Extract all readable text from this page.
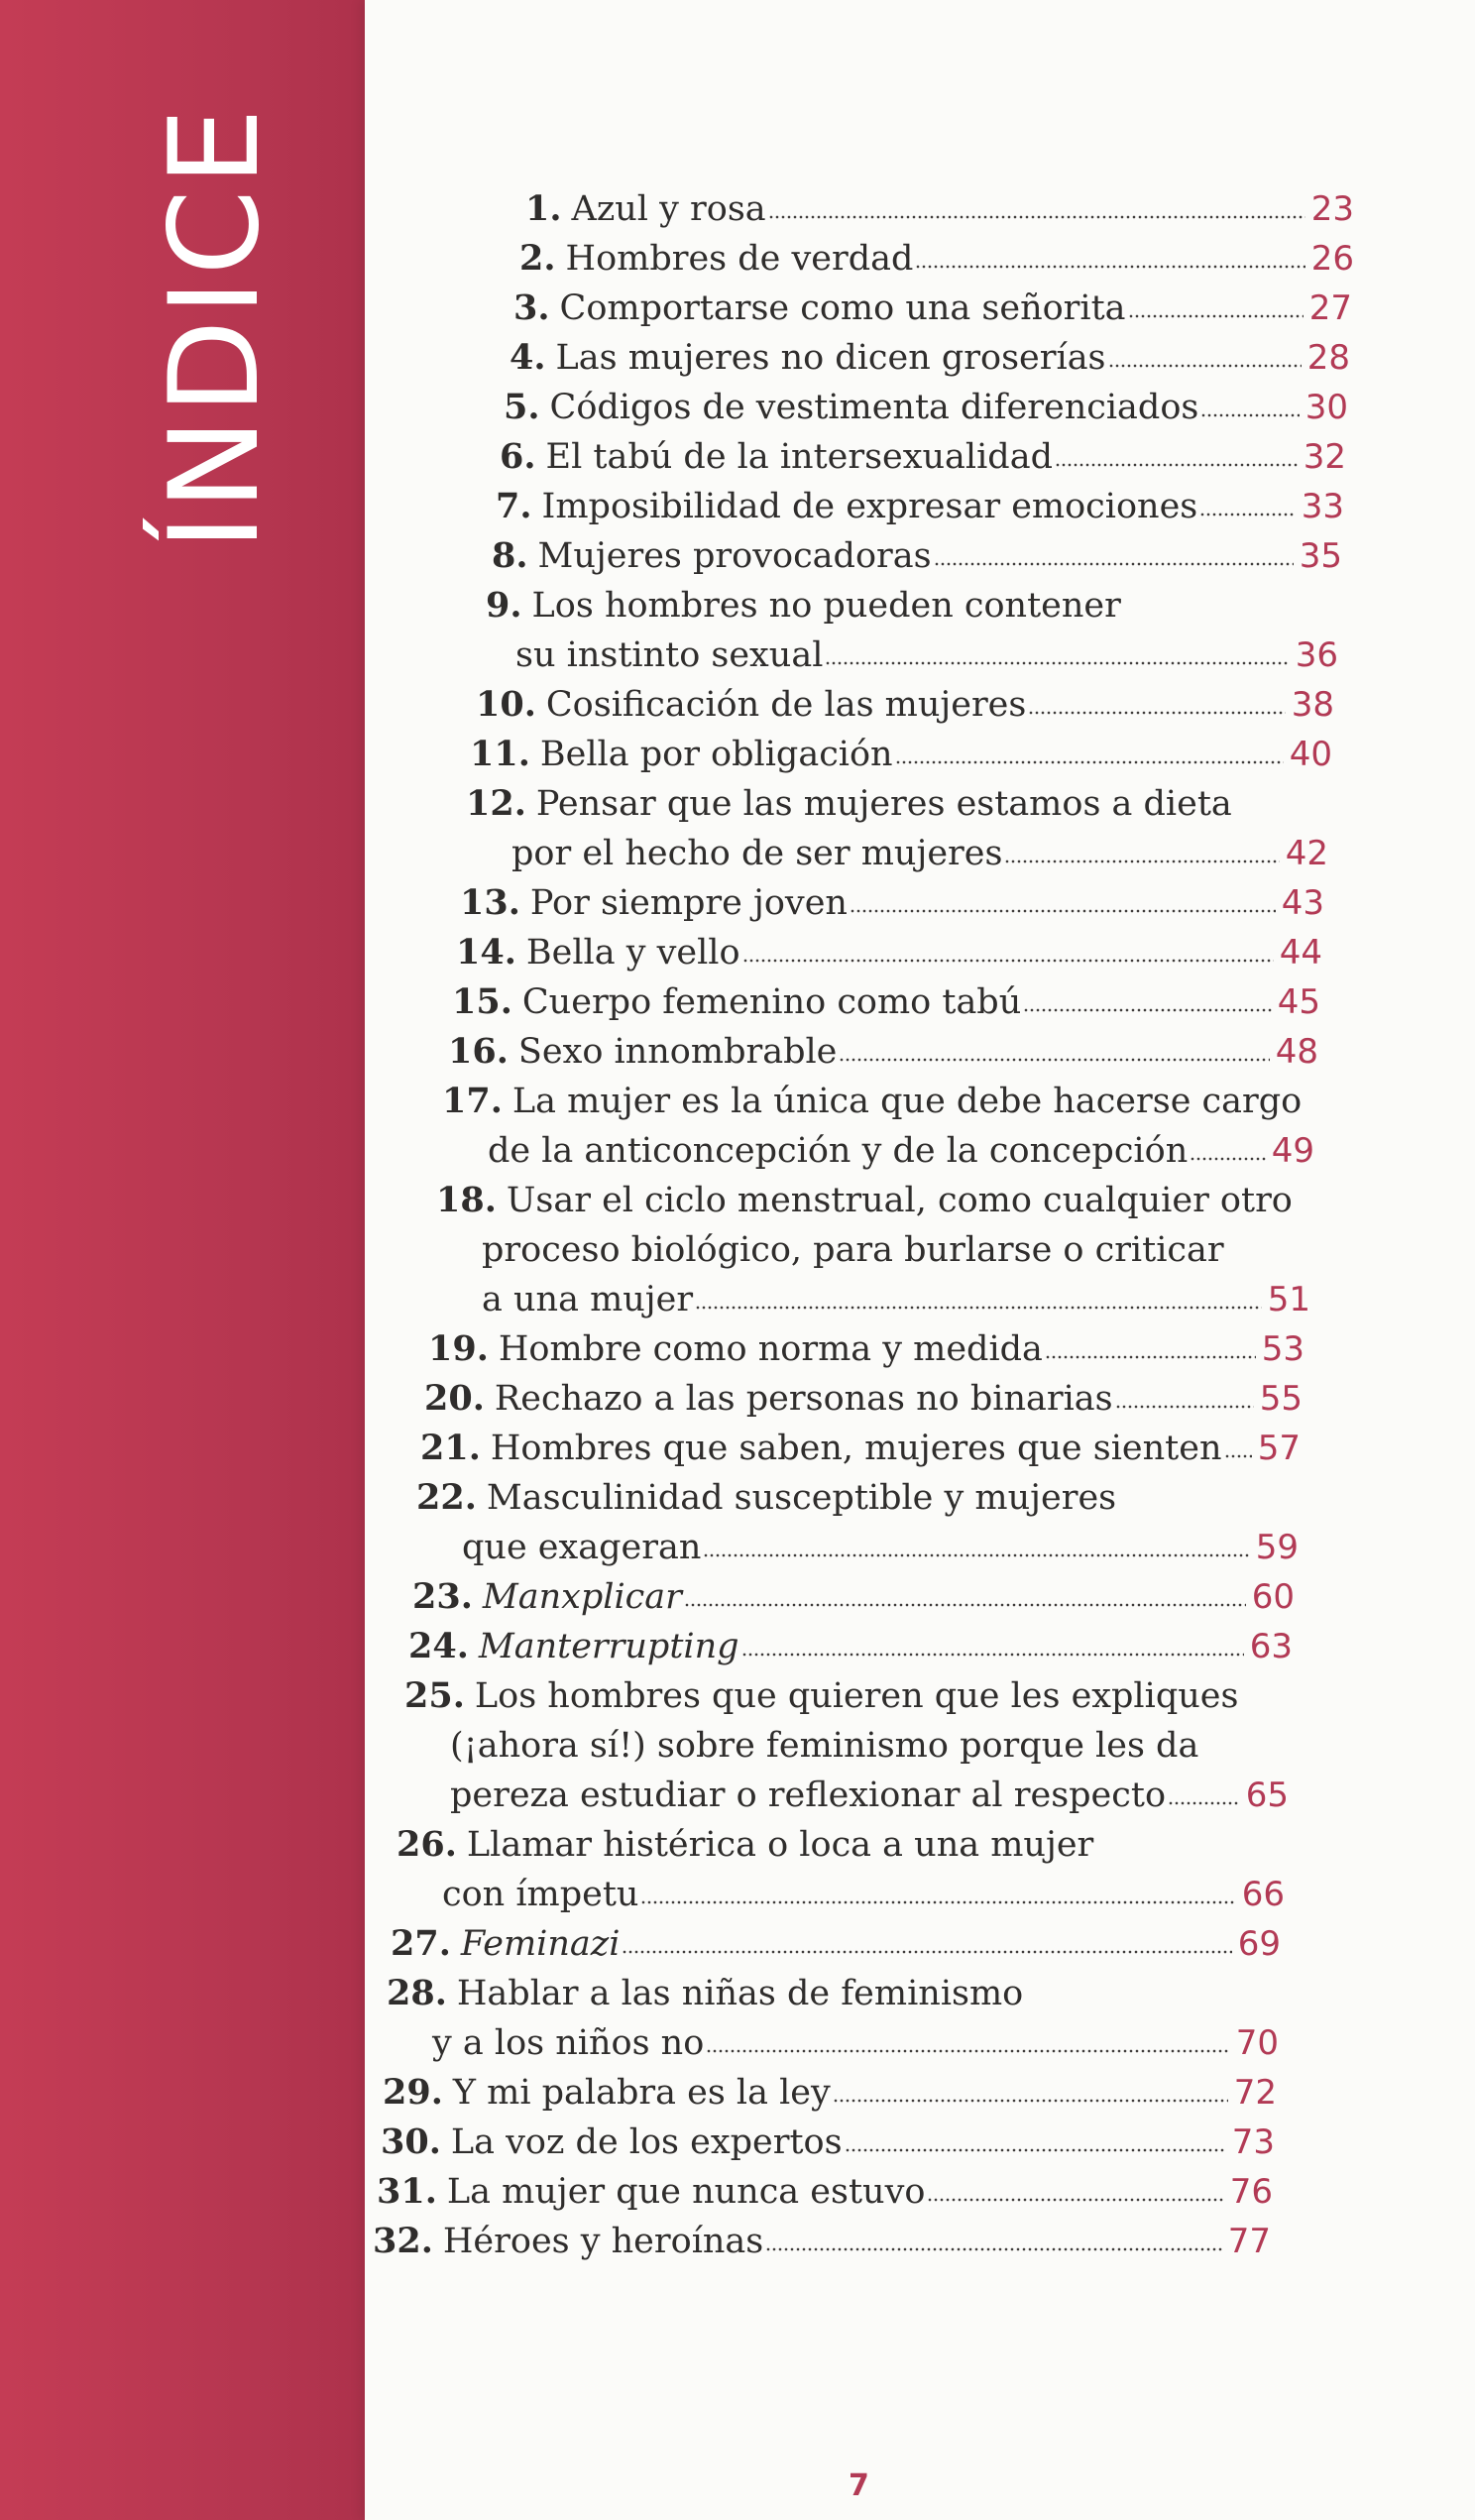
ÍNDICE	1. Azul y rosa	23
2. Hombres de verdad	26
3. Comportarse como una señorita	27
4. Las mujeres no dicen groserías	28
5. Códigos de vestimenta diferenciados	30
6. El tabú de la intersexualidad	32
7. Imposibilidad de expresar emociones	33
8. Mujeres provocadoras	35
9. Los hombres no pueden contener
su instinto sexual	36
10. Cosificación de las mujeres	38
11. Bella por obligación	40
12. Pensar que las mujeres estamos a dieta
por el hecho de ser mujeres	42
13. Por siempre joven	43
14. Bella y vello	44
15. Cuerpo femenino como tabú	45
16. Sexo innombrable	48
17. La mujer es la única que debe hacerse cargo
de la anticoncepción y de la concepción 49
18. Usar el ciclo menstrual, como cualquier otro
proceso biológico, para burlarse o criticar
a una mujer	51
19. Hombre como norma y medida	53
20. Rechazo a las personas no binarias	55
21. Hombres que saben, mujeres que sienten 57
22. Masculinidad susceptible y mujeres
que exageran	59
23. Manxplicar	60
24. Manterrupting	63
25. Los hombres que quieren que les expliques
(¡ahora sí!) sobre feminismo porque les da
pereza estudiar o reflexionar al respecto 65
26. Llamar histérica o loca a una mujer
con ímpetu	66
27. Feminazi	69
28. Hablar a las niñas de feminismo
y a los niños no	70
29. Y mi palabra es la ley	72
30. La voz de los expertos	73
31. La mujer que nunca estuvo	76
32. Héroes y heroínas	77
7
